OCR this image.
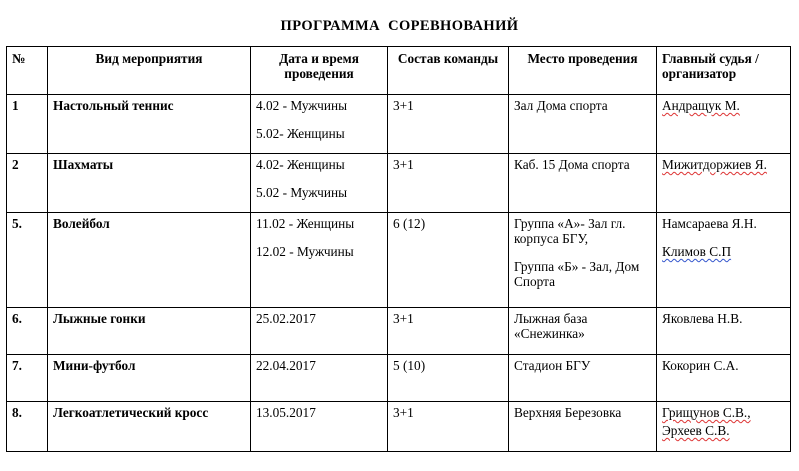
ПРОГРАММА  СОРЕВНОВАНИЙ
№	Вид мероприятия	Дата и время
проведения	Состав команды	Место проведения	Главный судья /
организатор

1	Настольный теннис	4.02 - Мужчины
5.02- Женщины	3+1	Зал Дома спорта	Андращук М.

2	Шахматы	4.02- Женщины
5.02 - Мужчины	3+1	Каб. 15 Дома спорта	Мижитдоржиев Я.

5.	Волейбол	11.02 - Женщины
12.02 - Мужчины	6 (12)	Группа «А»- Зал гл.
корпуса БГУ,
Группа «Б» - Зал, Дом
Спорта	Намсараева Я.Н.
Климов С.П

6.	Лыжные гонки	25.02.2017	3+1	Лыжная база
«Снежинка»	Яковлева Н.В.

7.	Мини-футбол	22.04.2017	5 (10)	Стадион БГУ	Кокорин С.А.

8.	Легкоатлетический кросс	13.05.2017	3+1	Верхняя Березовка	Грищунов С.В.,
Эрхеев С.В.
